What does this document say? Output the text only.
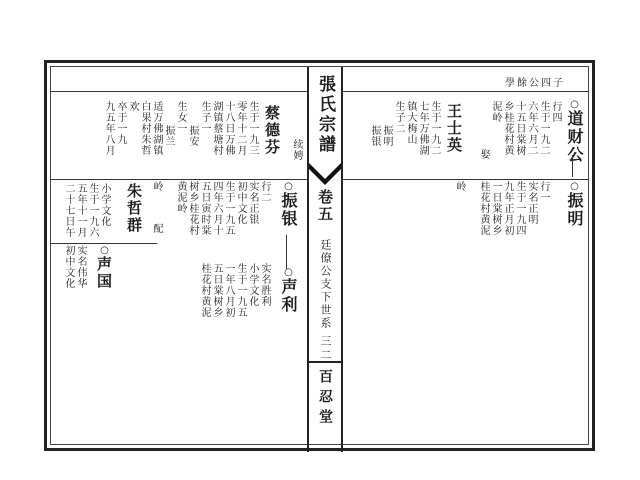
學餘公四子
張氏宗譜
卷五
廷僚公支下世系
三二
百忍堂
○道财公
行四
生于一九二
六年六月二
十五日棠树
乡桂花村黄
泥岭
娶
王士英
生于一九二
七年万佛湖
镇大梅山
生子二
振明
振银
○振明
行一
实名正明
生于一九四
九年正月初
一日棠树乡
桂花村黄泥
岭
续娉
蔡德芬
生于一九三
零年十二月
十八日万佛
湖镇蔡塘村
生子一
振安
生女一
振兰
适万佛湖镇
白果村朱哲
欢
卒于一九
九五年八月
○振银
○声利
行二
实名正银
初中文化
生于一九五
四年六月十
五日寅时棠
树乡桂花村
黄泥岭
实名胜利
小学文化
生于一九五
一年八月初
五日棠树乡
桂花村黄泥
岭
配
朱哲群
小学文化
生于一九六
五年十一月
二十七日午
○声国
实名伟华
初中文化
